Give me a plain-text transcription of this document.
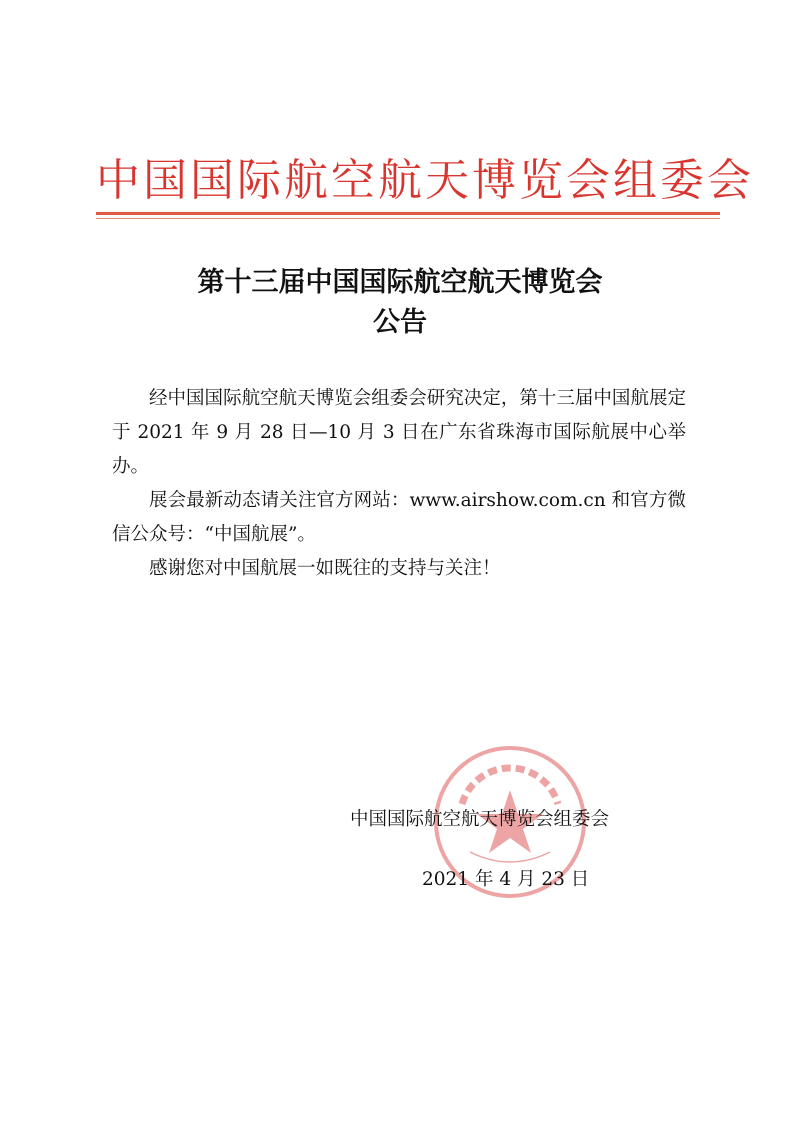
中国国际航空航天博览会组委会
第十三届中国国际航空航天博览会
公告

经中国国际航空航天博览会组委会研究决定，第十三届中国航展定于 2021 年 9 月 28 日—10 月 3 日在广东省珠海市国际航展中心举办。

展会最新动态请关注官方网站：www.airshow.com.cn 和官方微信公众号：“中国航展”。

感谢您对中国航展一如既往的支持与关注！

中国国际航空航天博览会组委会
2021 年 4 月 23 日
